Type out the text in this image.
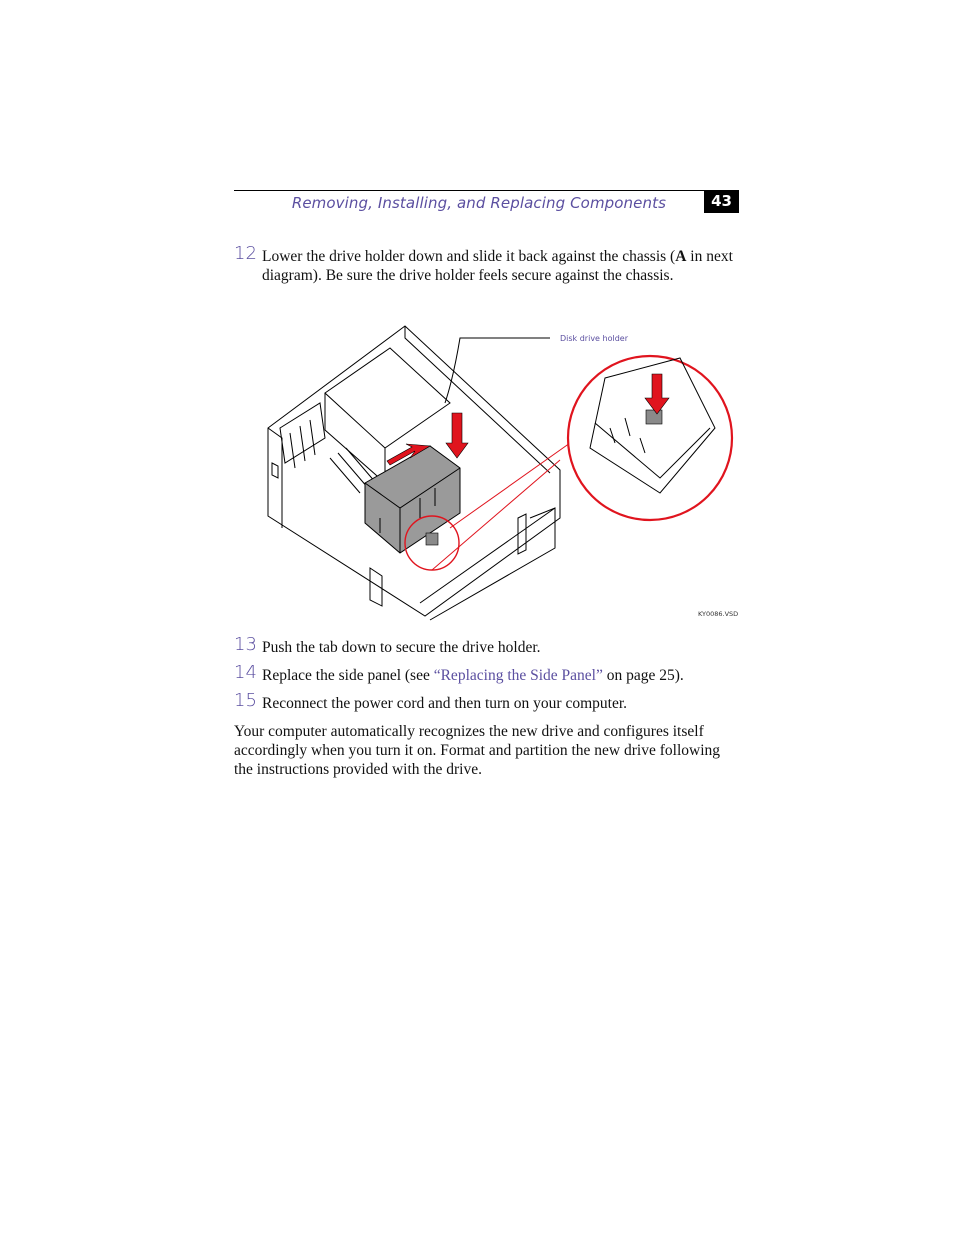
Removing, Installing, and Replacing Components	43
12 Lower the drive holder down and slide it back against the chassis (A in next diagram). Be sure the drive holder feels secure against the chassis.
Disk drive holder
KY0086.VSD
13 Push the tab down to secure the drive holder.
14 Replace the side panel (see “Replacing the Side Panel” on page 25).
15 Reconnect the power cord and then turn on your computer.
Your computer automatically recognizes the new drive and configures itself accordingly when you turn it on. Format and partition the new drive following the instructions provided with the drive.
